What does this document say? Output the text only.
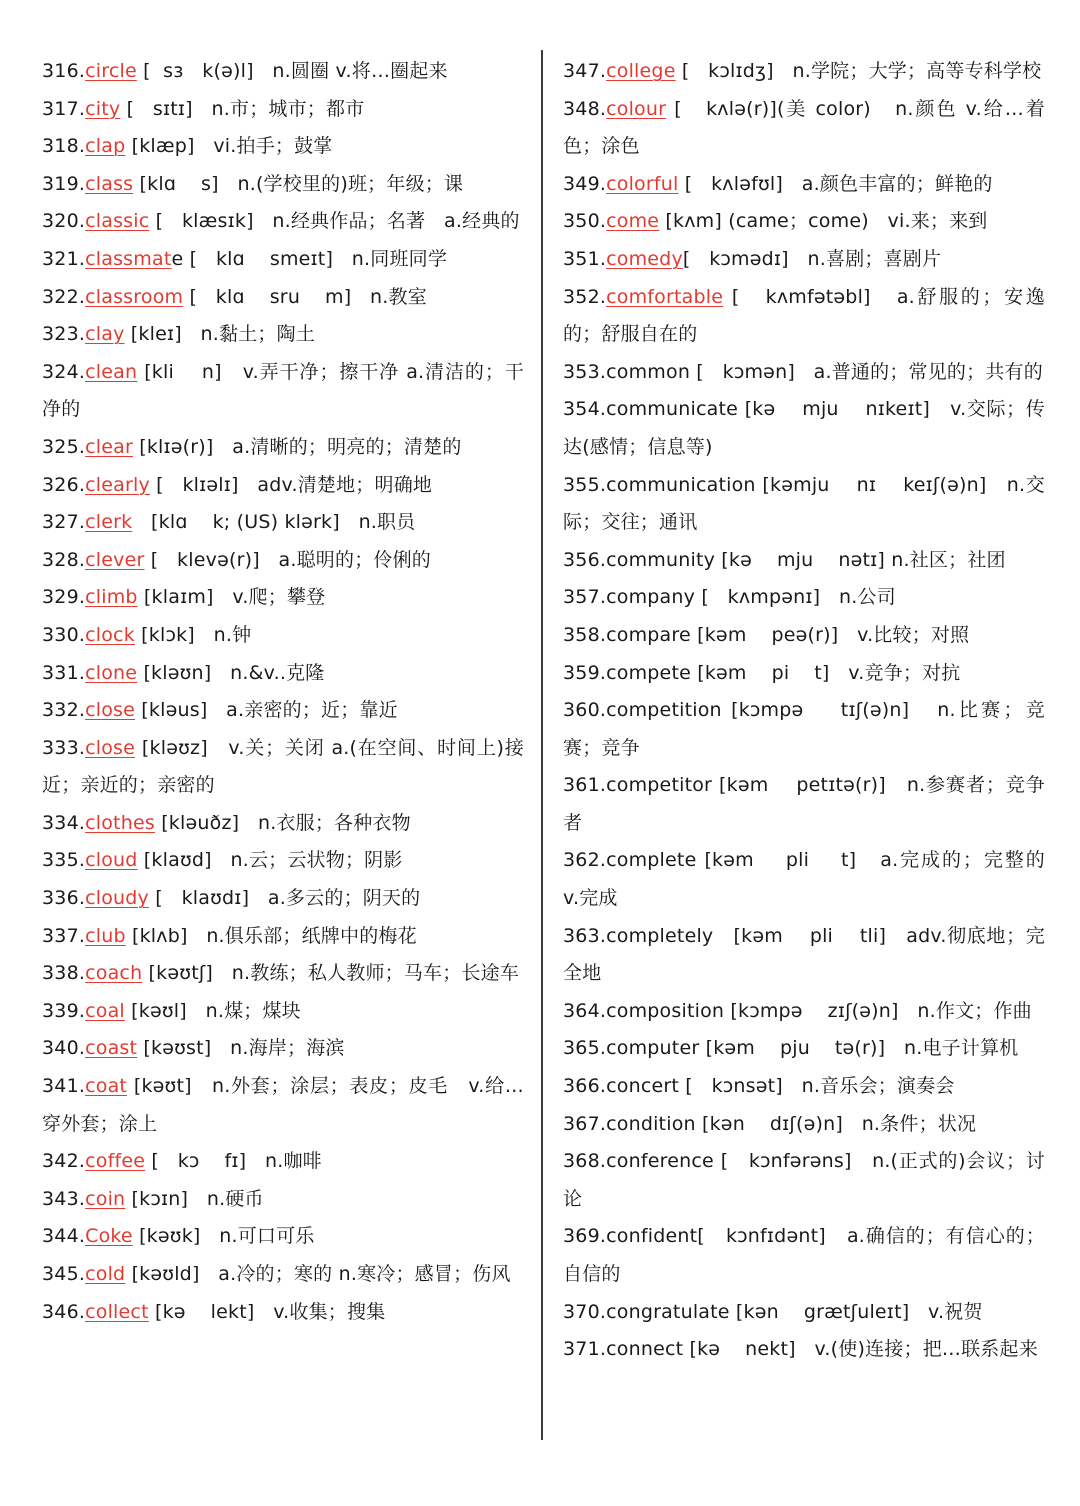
316.circle [  sɜ   k(ə)l]   n.圆圈 v.将…圈起来
317.city [   sɪtɪ]   n.市；城市；都市
318.clap [klæp]   vi.拍手；鼓掌
319.class [klɑ    s]   n.(学校里的)班；年级；课
320.classic [   klæsɪk]   n.经典作品；名著   a.经典的
321.classmate [   klɑ    smeɪt]   n.同班同学
322.classroom [   klɑ    sru    m]   n.教室
323.clay [kleɪ]   n.黏土；陶土
324.clean [kli    n]   v.弄干净；擦干净 a.清洁的；干净的
325.clear [klɪə(r)]   a.清晰的；明亮的；清楚的
326.clearly [   klɪəlɪ]   adv.清楚地；明确地
327.clerk   [klɑ    k; (US) klərk]   n.职员
328.clever [   klevə(r)]   a.聪明的；伶俐的
329.climb [klaɪm]   v.爬；攀登
330.clock [klɔk]   n.钟
331.clone [kləʊn]   n.&v..克隆
332.close [kləus]   a.亲密的；近；靠近
333.close [kləʊz]   v.关；关闭 a.(在空间、时间上)接近；亲近的；亲密的
334.clothes [kləuðz]   n.衣服；各种衣物
335.cloud [klaʊd]   n.云；云状物；阴影
336.cloudy [   klaʊdɪ]   a.多云的；阴天的
337.club [klʌb]   n.俱乐部；纸牌中的梅花
338.coach [kəʊtʃ]   n.教练；私人教师；马车；长途车
339.coal [kəʊl]   n.煤；煤块
340.coast [kəʊst]   n.海岸；海滨
341.coat [kəʊt]   n.外套；涂层；表皮；皮毛   v.给…穿外套；涂上
342.coffee [   kɔ    fɪ]   n.咖啡
343.coin [kɔɪn]   n.硬币
344.Coke [kəʊk]   n.可口可乐
345.cold [kəʊld]   a.冷的；寒的 n.寒冷；感冒；伤风
346.collect [kə    lekt]   v.收集；搜集
347.college [   kɔlɪdʒ]   n.学院；大学；高等专科学校
348.colour [   kʌlə(r)](美 color)   n.颜色 v.给…着色；涂色
349.colorful [   kʌləfʊl]   a.颜色丰富的；鲜艳的
350.come [kʌm] (came；come)   vi.来；来到
351.comedy[   kɔmədɪ]   n.喜剧；喜剧片
352.comfortable [   kʌmfətəbl]   a.舒服的；安逸的；舒服自在的
353.common [   kɔmən]   a.普通的；常见的；共有的
354.communicate [kə    mju    nɪkeɪt]   v.交际；传达(感情；信息等)
355.communication [kəmju    nɪ    keɪʃ(ə)n]   n.交际；交往；通讯
356.community [kə    mju    nətɪ] n.社区；社团
357.company [   kʌmpənɪ]   n.公司
358.compare [kəm    peə(r)]   v.比较；对照
359.compete [kəm    pi    t]   v.竞争；对抗
360.competition [kɔmpə    tɪʃ(ə)n]   n.比赛；竞赛；竞争
361.competitor [kəm    petɪtə(r)]   n.参赛者；竞争者
362.complete [kəm    pli    t]   a.完成的；完整的   v.完成
363.completely   [kəm    pli    tli]   adv.彻底地；完全地
364.composition [kɔmpə    zɪʃ(ə)n]   n.作文；作曲
365.computer [kəm    pju    tə(r)]   n.电子计算机
366.concert [   kɔnsət]   n.音乐会；演奏会
367.condition [kən    dɪʃ(ə)n]   n.条件；状况
368.conference [   kɔnfərəns]   n.(正式的)会议；讨论
369.confident[   kɔnfɪdənt]   a.确信的；有信心的；自信的
370.congratulate [kən    grætʃuleɪt]   v.祝贺
371.connect [kə    nekt]   v.(使)连接；把…联系起来
